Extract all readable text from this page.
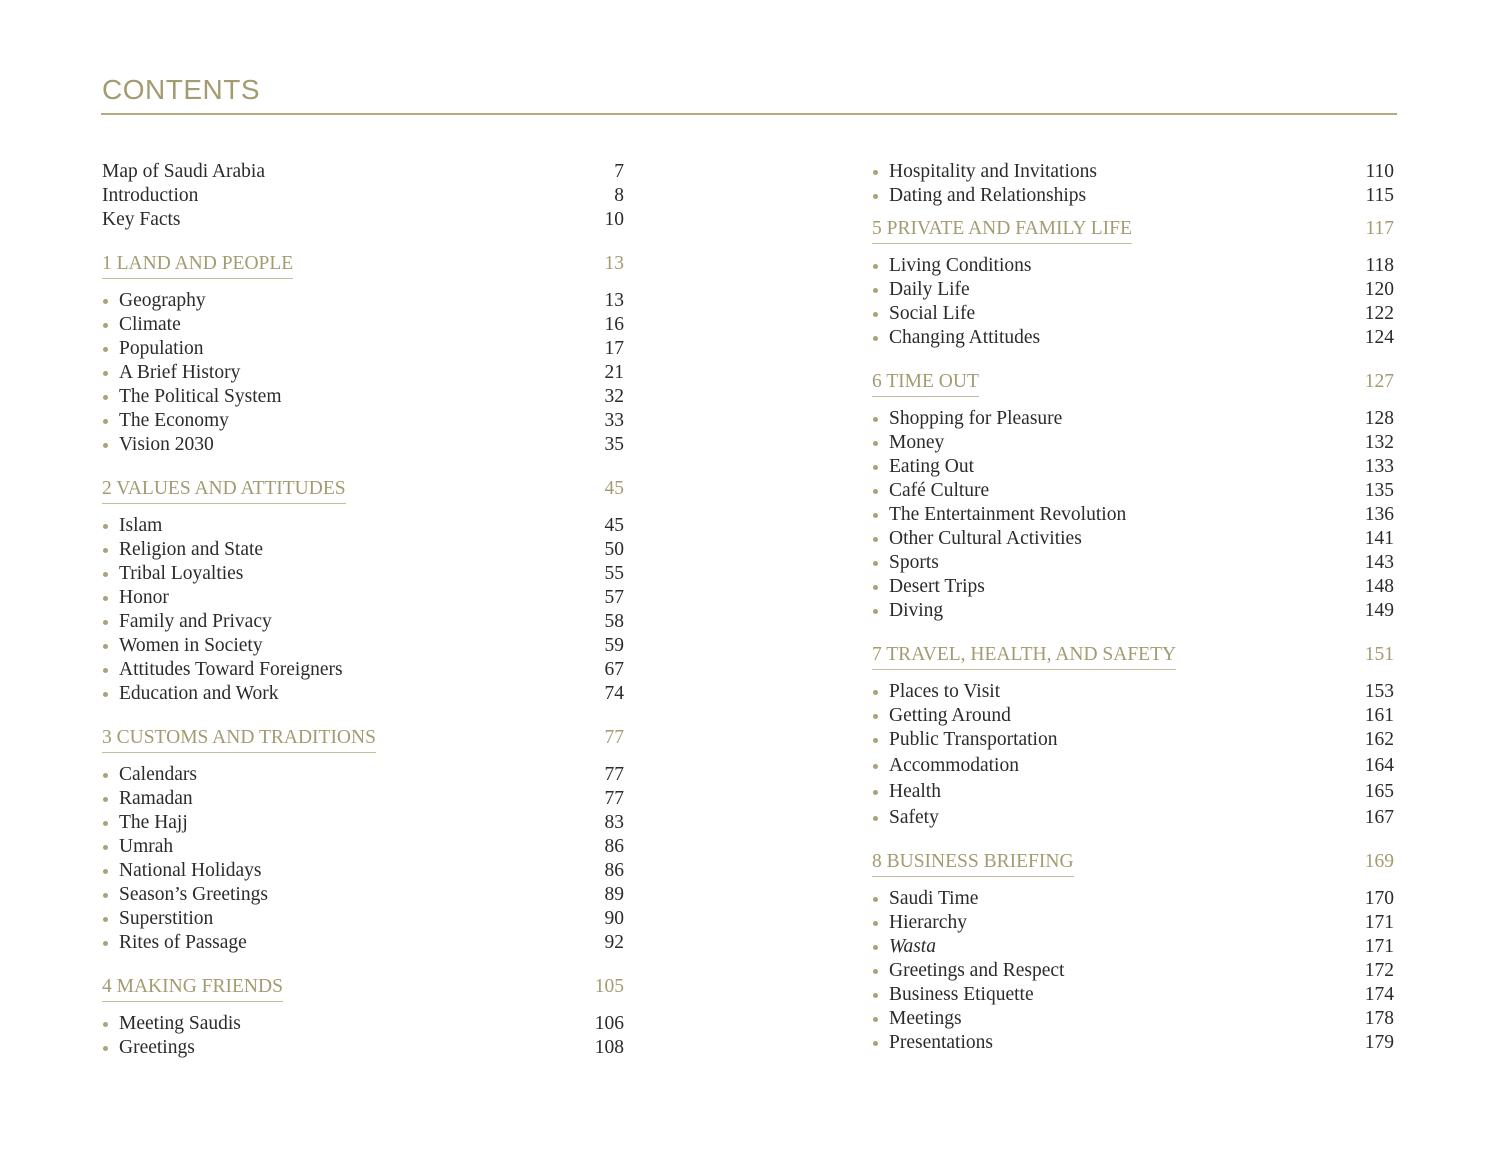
CONTENTS
Map of Saudi Arabia	7
Introduction	8
Key Facts	10
1 LAND AND PEOPLE	13
Geography	13
Climate	16
Population	17
A Brief History	21
The Political System	32
The Economy	33
Vision 2030	35
2 VALUES AND ATTITUDES	45
Islam	45
Religion and State	50
Tribal Loyalties	55
Honor	57
Family and Privacy	58
Women in Society	59
Attitudes Toward Foreigners	67
Education and Work	74
3 CUSTOMS AND TRADITIONS	77
Calendars	77
Ramadan	77
The Hajj	83
Umrah	86
National Holidays	86
Season’s Greetings	89
Superstition	90
Rites of Passage	92
4 MAKING FRIENDS	105
Meeting Saudis	106
Greetings	108
Hospitality and Invitations	110
Dating and Relationships	115
5 PRIVATE AND FAMILY LIFE	117
Living Conditions	118
Daily Life	120
Social Life	122
Changing Attitudes	124
6 TIME OUT	127
Shopping for Pleasure	128
Money	132
Eating Out	133
Café Culture	135
The Entertainment Revolution	136
Other Cultural Activities	141
Sports	143
Desert Trips	148
Diving	149
7 TRAVEL, HEALTH, AND SAFETY	151
Places to Visit	153
Getting Around	161
Public Transportation	162
Accommodation	164
Health	165
Safety	167
8 BUSINESS BRIEFING	169
Saudi Time	170
Hierarchy	171
Wasta	171
Greetings and Respect	172
Business Etiquette	174
Meetings	178
Presentations	179
